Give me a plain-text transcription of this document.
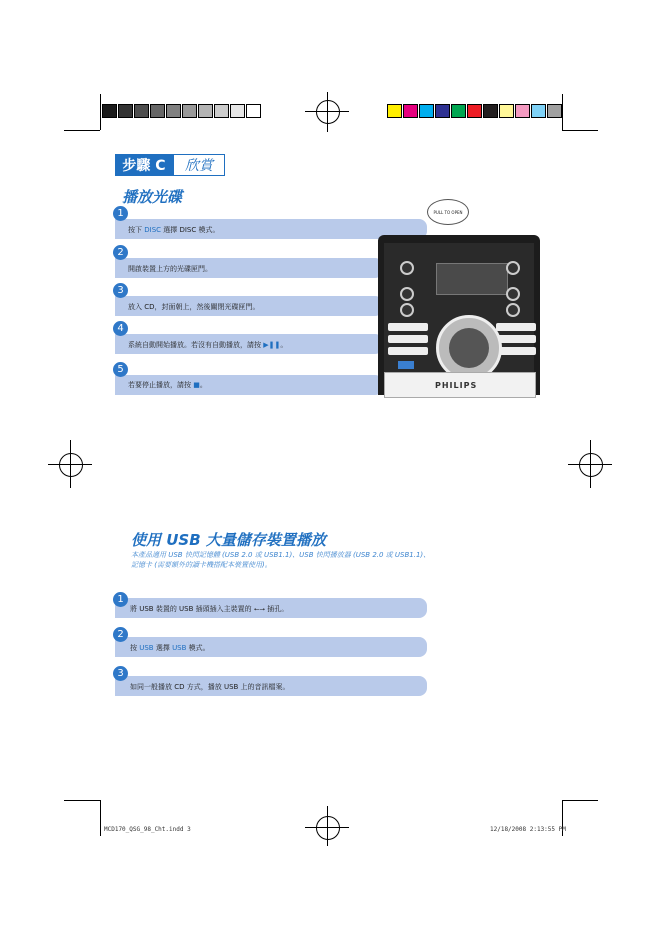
步驟 C	欣賞
播放光碟
1
按下 DISC 選擇 DISC 模式。
2
開啟裝置上方的光碟匣門。
3
放入 CD，封面朝上，然後關閉光碟匣門。
4
系統自動開始播放。若沒有自動播放，請按 ▶❚❚。
5
若要停止播放，請按 ■。
PULL TO OPEN
PHILIPS
使用 USB 大量儲存裝置播放
本產品適用 USB 快閃記憶體 (USB 2.0 或 USB1.1)、USB 快閃播放器 (USB 2.0 或 USB1.1)、記憶卡 (需要額外的讀卡機搭配本裝置使用)。
1
將 USB 裝置的 USB 插頭插入主裝置的 ⭠⭢ 插孔。
2
按 USB 選擇 USB 模式。
3
如同一般播放 CD 方式，播放 USB 上的音訊檔案。
MCD170_QSG_98_Cht.indd 3	12/18/2008 2:13:55 PM
